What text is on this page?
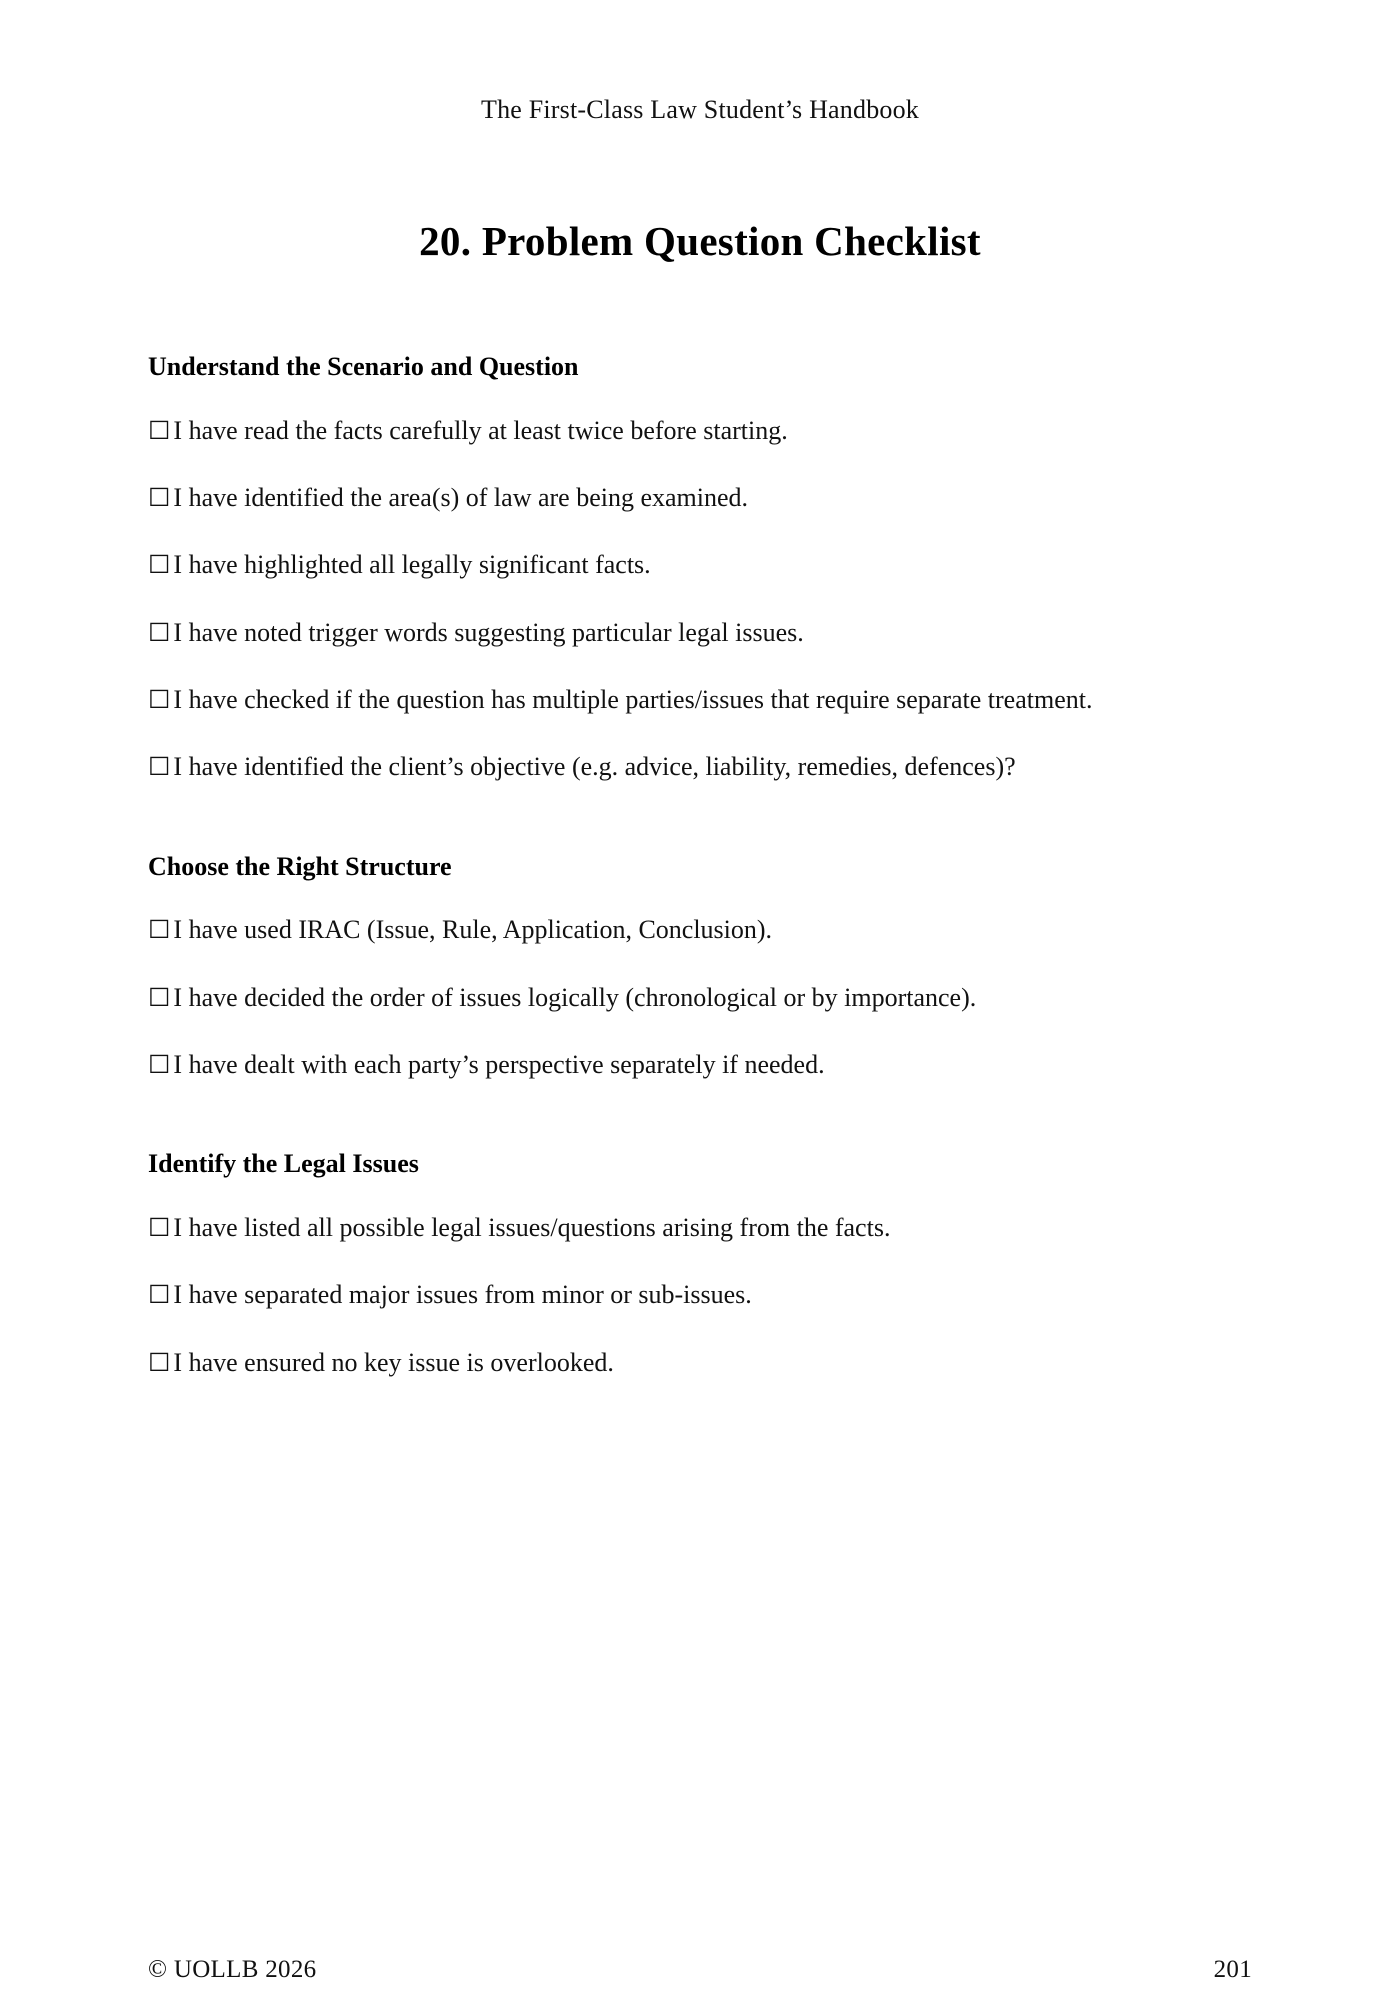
The First-Class Law Student’s Handbook
20. Problem Question Checklist
Understand the Scenario and Question

☐ I have read the facts carefully at least twice before starting.

☐ I have identified the area(s) of law are being examined.

☐ I have highlighted all legally significant facts.

☐ I have noted trigger words suggesting particular legal issues.

☐ I have checked if the question has multiple parties/issues that require separate treatment.

☐ I have identified the client’s objective (e.g. advice, liability, remedies, defences)?

Choose the Right Structure

☐ I have used IRAC (Issue, Rule, Application, Conclusion).

☐ I have decided the order of issues logically (chronological or by importance).

☐ I have dealt with each party’s perspective separately if needed.

Identify the Legal Issues

☐ I have listed all possible legal issues/questions arising from the facts.

☐ I have separated major issues from minor or sub-issues.

☐ I have ensured no key issue is overlooked.

© UOLLB 2026	201
